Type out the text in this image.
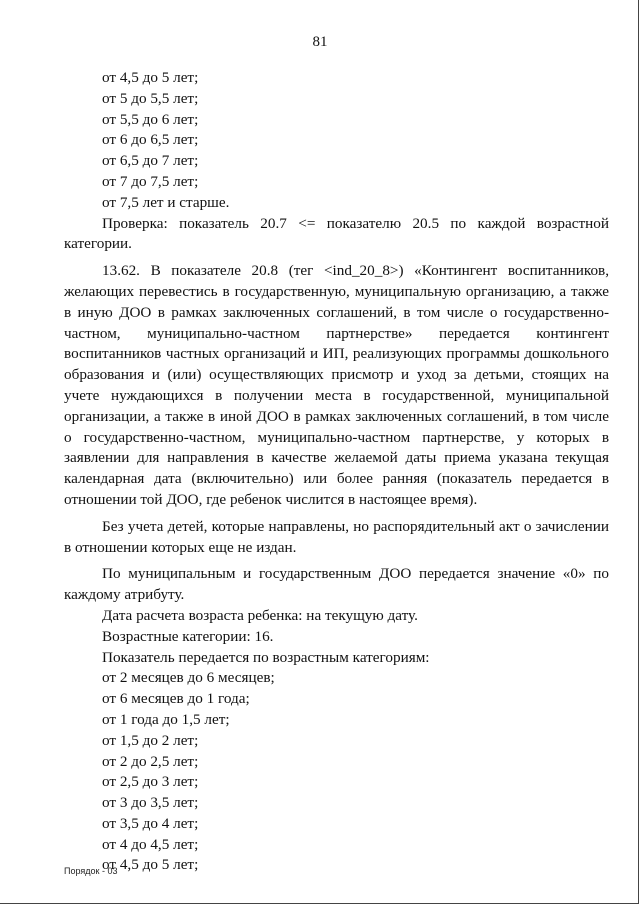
81
от 4,5 до 5 лет;
от 5 до 5,5 лет;
от 5,5 до 6 лет;
от 6 до 6,5 лет;
от 6,5 до 7 лет;
от 7 до 7,5 лет;
от 7,5 лет и старше.
Проверка: показатель 20.7 <= показателю 20.5 по каждой возрастной категории.
13.62. В показателе 20.8 (тег <ind_20_8>) «Контингент воспитанников, желающих перевестись в государственную, муниципальную организацию, а также в иную ДОО в рамках заключенных соглашений, в том числе о государственно-частном, муниципально-частном партнерстве» передается контингент воспитанников частных организаций и ИП, реализующих программы дошкольного образования и (или) осуществляющих присмотр и уход за детьми, стоящих на учете нуждающихся в получении места в государственной, муниципальной организации, а также в иной ДОО в рамках заключенных соглашений, в том числе о государственно-частном, муниципально-частном партнерстве, у которых в заявлении для направления в качестве желаемой даты приема указана текущая календарная дата (включительно) или более ранняя (показатель передается в отношении той ДОО, где ребенок числится в настоящее время).
Без учета детей, которые направлены, но распорядительный акт о зачислении в отношении которых еще не издан.
По муниципальным и государственным ДОО передается значение «0» по каждому атрибуту.
Дата расчета возраста ребенка: на текущую дату.
Возрастные категории: 16.
Показатель передается по возрастным категориям:
от 2 месяцев до 6 месяцев;
от 6 месяцев до 1 года;
от 1 года до 1,5 лет;
от 1,5 до 2 лет;
от 2 до 2,5 лет;
от 2,5 до 3 лет;
от 3 до 3,5 лет;
от 3,5 до 4 лет;
от 4 до 4,5 лет;
от 4,5 до 5 лет;
Порядок - 03
